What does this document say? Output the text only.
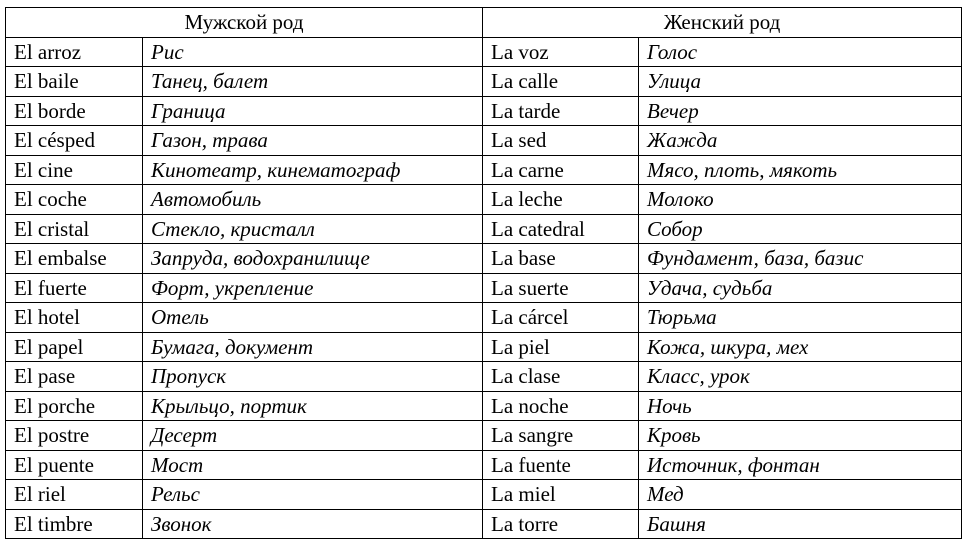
Мужской род		Женский род	
El arroz	Рис	La voz	Голос
El baile	Танец, балет	La calle	Улица
El borde	Граница	La tarde	Вечер
El césped	Газон, трава	La sed	Жажда
El cine	Кинотеатр, кинематограф	La carne	Мясо, плоть, мякоть
El coche	Автомобиль	La leche	Молоко
El cristal	Стекло, кристалл	La catedral	Собор
El embalse	Запруда, водохранилище	La base	Фундамент, база, базис
El fuerte	Форт, укрепление	La suerte	Удача, судьба
El hotel	Отель	La cárcel	Тюрьма
El papel	Бумага, документ	La piel	Кожа, шкура, мех
El pase	Пропуск	La clase	Класс, урок
El porche	Крыльцо, портик	La noche	Ночь
El postre	Десерт	La sangre	Кровь
El puente	Мост	La fuente	Источник, фонтан
El riel	Рельс	La miel	Мед
El timbre	Звонок	La torre	Башня
